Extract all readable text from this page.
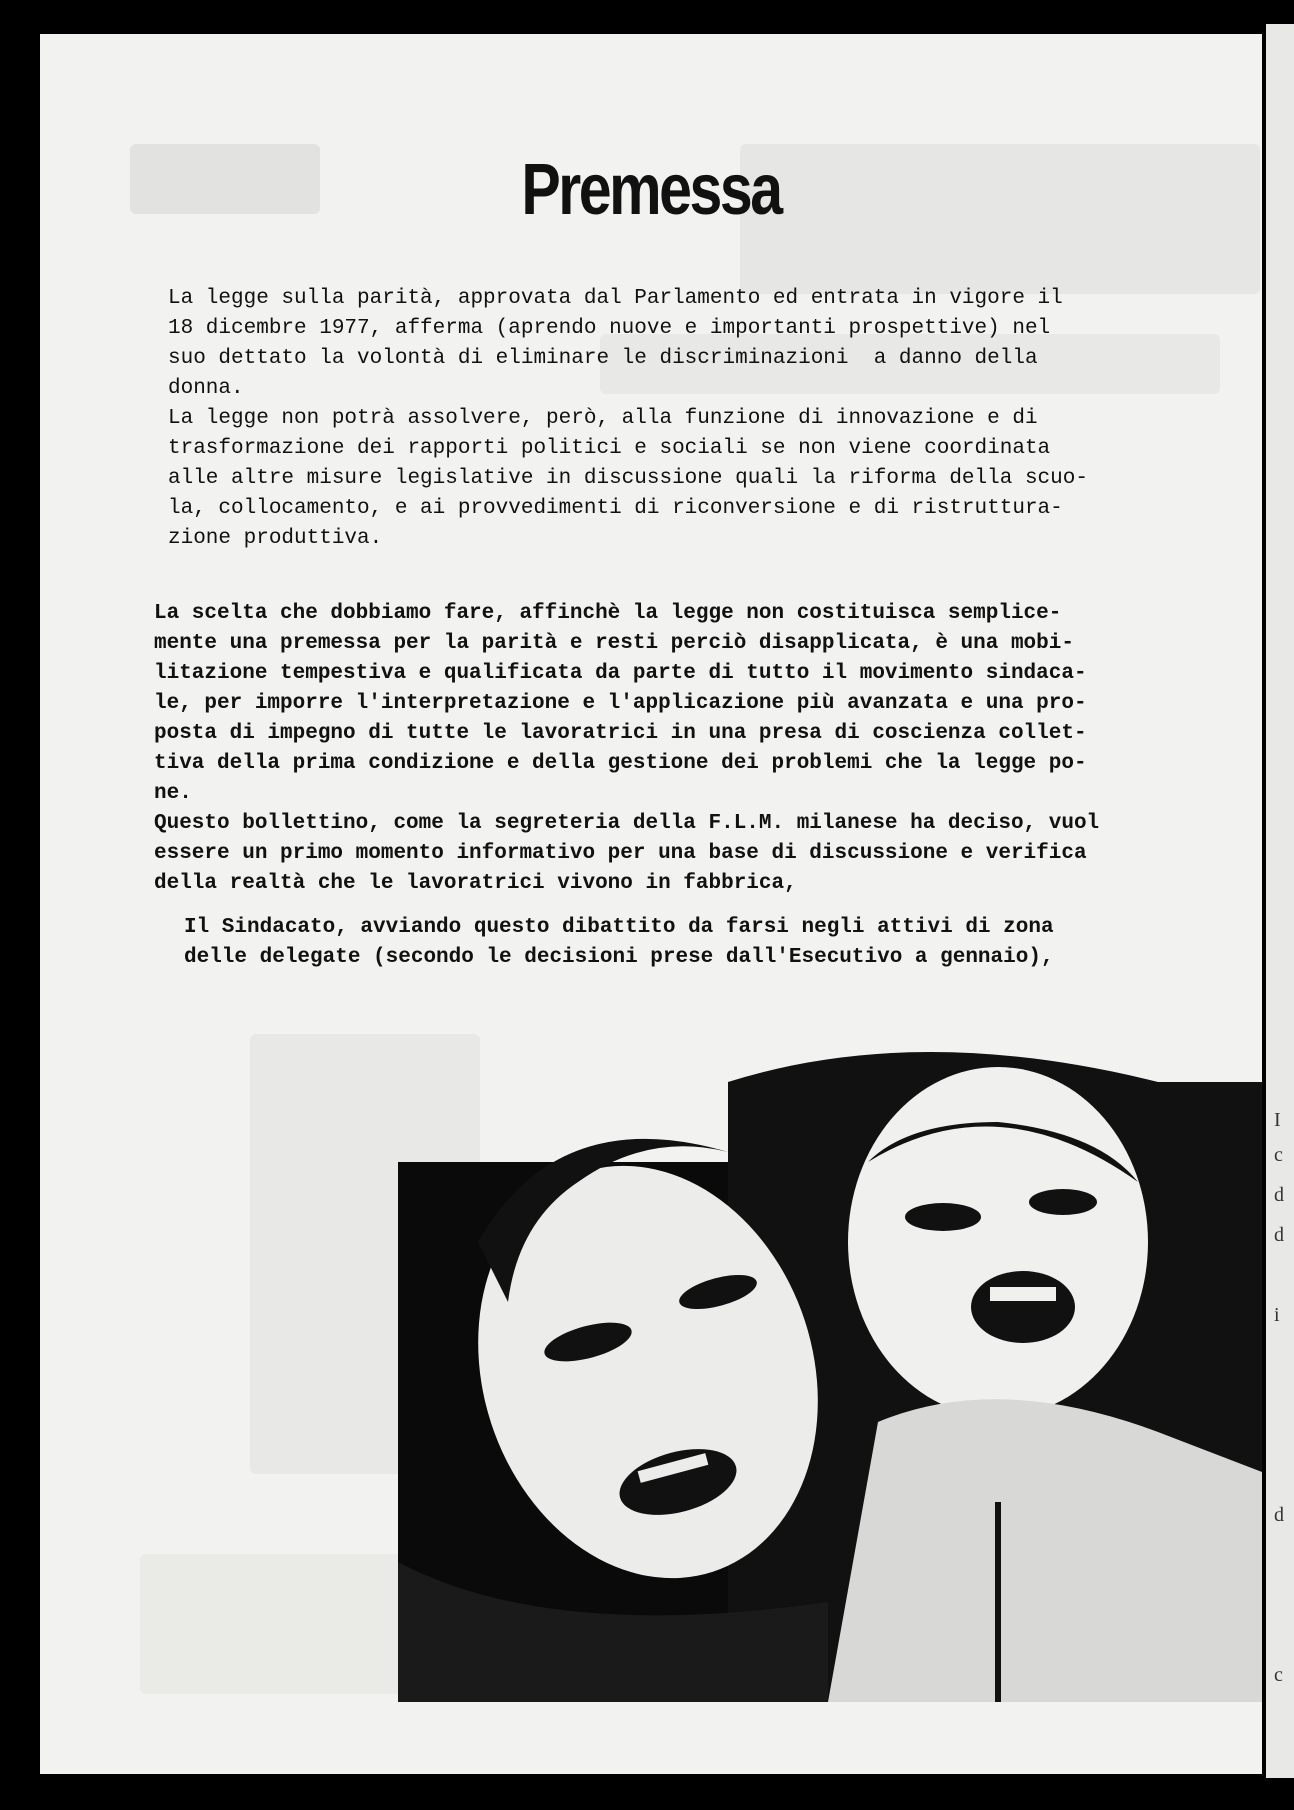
Premessa

La legge sulla parità, approvata dal Parlamento ed entrata in vigore il

18 dicembre 1977, afferma (aprendo nuove e importanti prospettive) nel

suo dettato la volontà di eliminare le discriminazioni  a danno della

donna.

La legge non potrà assolvere, però, alla funzione di innovazione e di

trasformazione dei rapporti politici e sociali se non viene coordinata

alle altre misure legislative in discussione quali la riforma della scuo-

la, collocamento, e ai provvedimenti di riconversione e di ristruttura-

zione produttiva.

La scelta che dobbiamo fare, affinchè la legge non costituisca semplice-

mente una premessa per la parità e resti perciò disapplicata, è una mobi-

litazione tempestiva e qualificata da parte di tutto il movimento sindaca-

le, per imporre l'interpretazione e l'applicazione più avanzata e una pro-

posta di impegno di tutte le lavoratrici in una presa di coscienza collet-

tiva della prima condizione e della gestione dei problemi che la legge po-

ne.

Questo bollettino, come la segreteria della F.L.M. milanese ha deciso, vuol

essere un primo momento informativo per una base di discussione e verifica

della realtà che le lavoratrici vivono in fabbrica,

Il Sindacato, avviando questo dibattito da farsi negli attivi di zona

delle delegate (secondo le decisioni prese dall'Esecutivo a gennaio),

I
c
d
d
i
d
c
